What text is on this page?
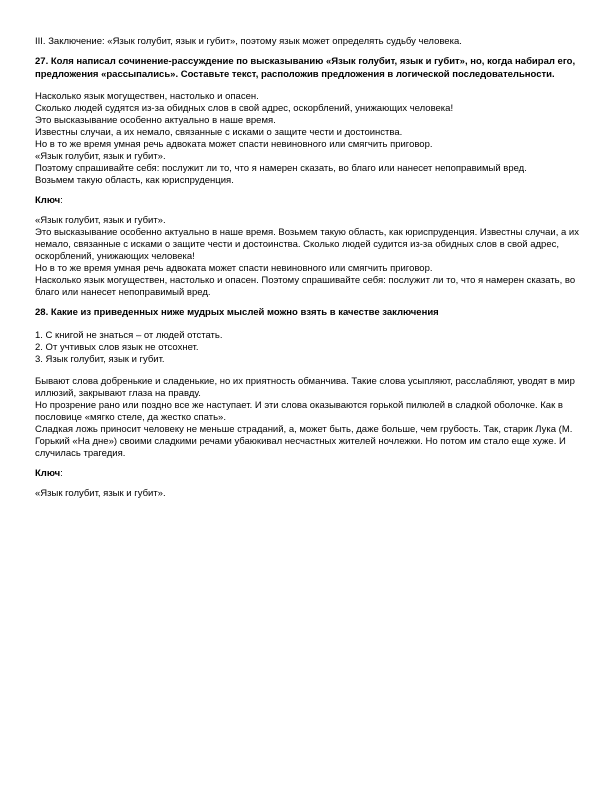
III. Заключение: «Язык голубит, язык и губит», поэтому язык может определять судьбу человека.

27. Коля написал сочинение-рассуждение по высказыванию «Язык голубит, язык и губит», но, когда набирал его, предложения «рассыпались». Составьте текст, расположив предложения в логической последовательности.

Насколько язык могуществен, настолько и опасен.

Сколько людей судятся из-за обидных слов в свой адрес, оскорблений, унижающих человека!

Это высказывание особенно актуально в наше время.

Известны случаи, а их немало, связанные с исками о защите чести и достоинства.

Но в то же время умная речь адвоката может спасти невиновного или смягчить приговор.

«Язык голубит, язык и губит».

Поэтому спрашивайте себя: послужит ли то, что я намерен сказать, во благо или нанесет непоправимый вред.

Возьмем такую область, как юриспруденция.

Ключ:

«Язык голубит, язык и губит».

Это высказывание особенно актуально в наше время. Возьмем такую область, как юриспруденция. Известны случаи, а их немало, связанные с исками о защите чести и достоинства. Сколько людей судится из-за обидных слов в свой адрес, оскорблений, унижающих человека!

Но в то же время умная речь адвоката может спасти невиновного или смягчить приговор.

Насколько язык могуществен, настолько и опасен. Поэтому спрашивайте себя: послужит ли то, что я намерен сказать, во благо или нанесет непоправимый вред.

28. Какие из приведенных ниже мудрых мыслей можно взять в качестве заключения

1. С книгой не знаться – от людей отстать.

2. От учтивых слов язык не отсохнет.

3. Язык голубит, язык и губит.

Бывают слова добренькие и сладенькие, но их приятность обманчива. Такие слова усыпляют, расслабляют, уводят в мир иллюзий, закрывают глаза на правду.

Но прозрение рано или поздно все же наступает. И эти слова оказываются горькой пилюлей в сладкой оболочке. Как в пословице «мягко стеле, да жестко спать».

Сладкая ложь приносит человеку не меньше страданий, а, может быть, даже больше, чем грубость. Так, старик Лука (М. Горький «На дне») своими сладкими речами убаюкивал несчастных жителей ночлежки. Но потом им стало еще хуже. И случилась трагедия.

Ключ:

«Язык голубит, язык и губит».
